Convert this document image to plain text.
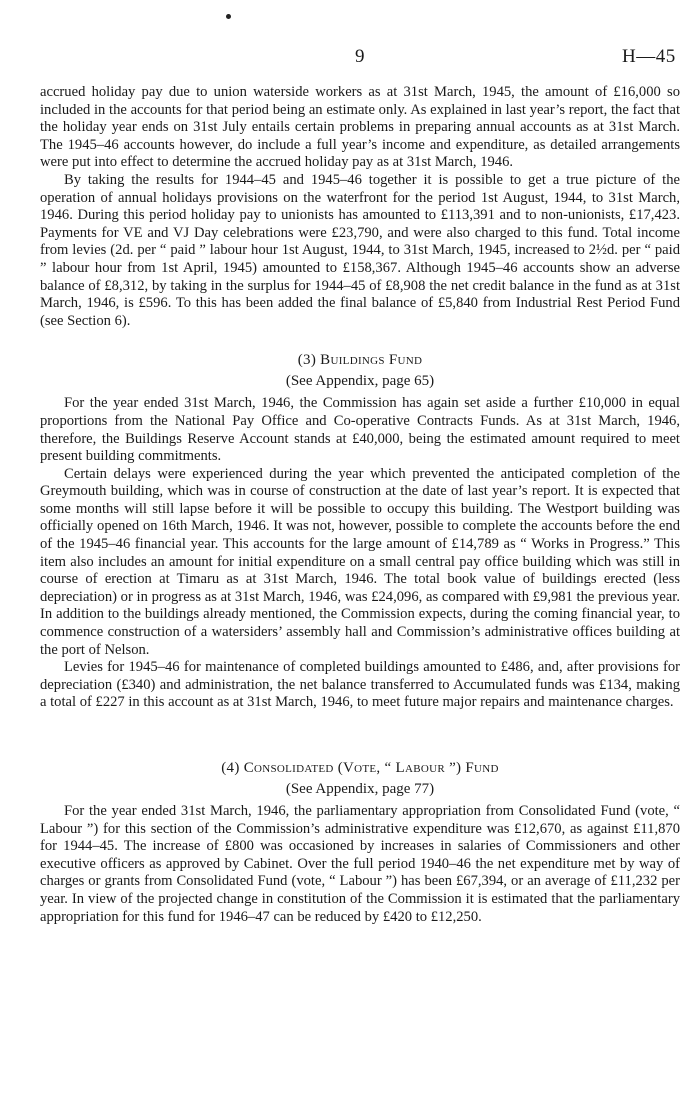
9	H—45

accrued holiday pay due to union waterside workers as at 31st March, 1945, the amount of £16,000 so included in the accounts for that period being an estimate only. As explained in last year’s report, the fact that the holiday year ends on 31st July entails certain problems in preparing annual accounts as at 31st March. The 1945–46 accounts however, do include a full year’s income and expenditure, as detailed arrangements were put into effect to determine the accrued holiday pay as at 31st March, 1946.

By taking the results for 1944–45 and 1945–46 together it is possible to get a true picture of the operation of annual holidays provisions on the waterfront for the period 1st August, 1944, to 31st March, 1946. During this period holiday pay to unionists has amounted to £113,391 and to non-unionists, £17,423. Payments for VE and VJ Day celebrations were £23,790, and were also charged to this fund. Total income from levies (2d. per “ paid ” labour hour 1st August, 1944, to 31st March, 1945, increased to 2½d. per “ paid ” labour hour from 1st April, 1945) amounted to £158,367. Although 1945–46 accounts show an adverse balance of £8,312, by taking in the surplus for 1944–45 of £8,908 the net credit balance in the fund as at 31st March, 1946, is £596. To this has been added the final balance of £5,840 from Industrial Rest Period Fund (see Section 6).

(3) Buildings Fund
(See Appendix, page 65)

For the year ended 31st March, 1946, the Commission has again set aside a further £10,000 in equal proportions from the National Pay Office and Co-operative Contracts Funds. As at 31st March, 1946, therefore, the Buildings Reserve Account stands at £40,000, being the estimated amount required to meet present building commitments.

Certain delays were experienced during the year which prevented the anticipated completion of the Greymouth building, which was in course of construction at the date of last year’s report. It is expected that some months will still lapse before it will be possible to occupy this building. The Westport building was officially opened on 16th March, 1946. It was not, however, possible to complete the accounts before the end of the 1945–46 financial year. This accounts for the large amount of £14,789 as “ Works in Progress.” This item also includes an amount for initial expenditure on a small central pay office building which was still in course of erection at Timaru as at 31st March, 1946. The total book value of buildings erected (less depreciation) or in progress as at 31st March, 1946, was £24,096, as compared with £9,981 the previous year. In addition to the buildings already mentioned, the Commission expects, during the coming financial year, to commence construction of a watersiders’ assembly hall and Commission’s administrative offices building at the port of Nelson.

Levies for 1945–46 for maintenance of completed buildings amounted to £486, and, after provisions for depreciation (£340) and administration, the net balance transferred to Accumulated funds was £134, making a total of £227 in this account as at 31st March, 1946, to meet future major repairs and maintenance charges.

(4) Consolidated (Vote, “ Labour ”) Fund
(See Appendix, page 77)

For the year ended 31st March, 1946, the parliamentary appropriation from Consolidated Fund (vote, “ Labour ”) for this section of the Commission’s administrative expenditure was £12,670, as against £11,870 for 1944–45. The increase of £800 was occasioned by increases in salaries of Commissioners and other executive officers as approved by Cabinet. Over the full period 1940–46 the net expenditure met by way of charges or grants from Consolidated Fund (vote, “ Labour ”) has been £67,394, or an average of £11,232 per year. In view of the projected change in constitution of the Commission it is estimated that the parliamentary appropriation for this fund for 1946–47 can be reduced by £420 to £12,250.
